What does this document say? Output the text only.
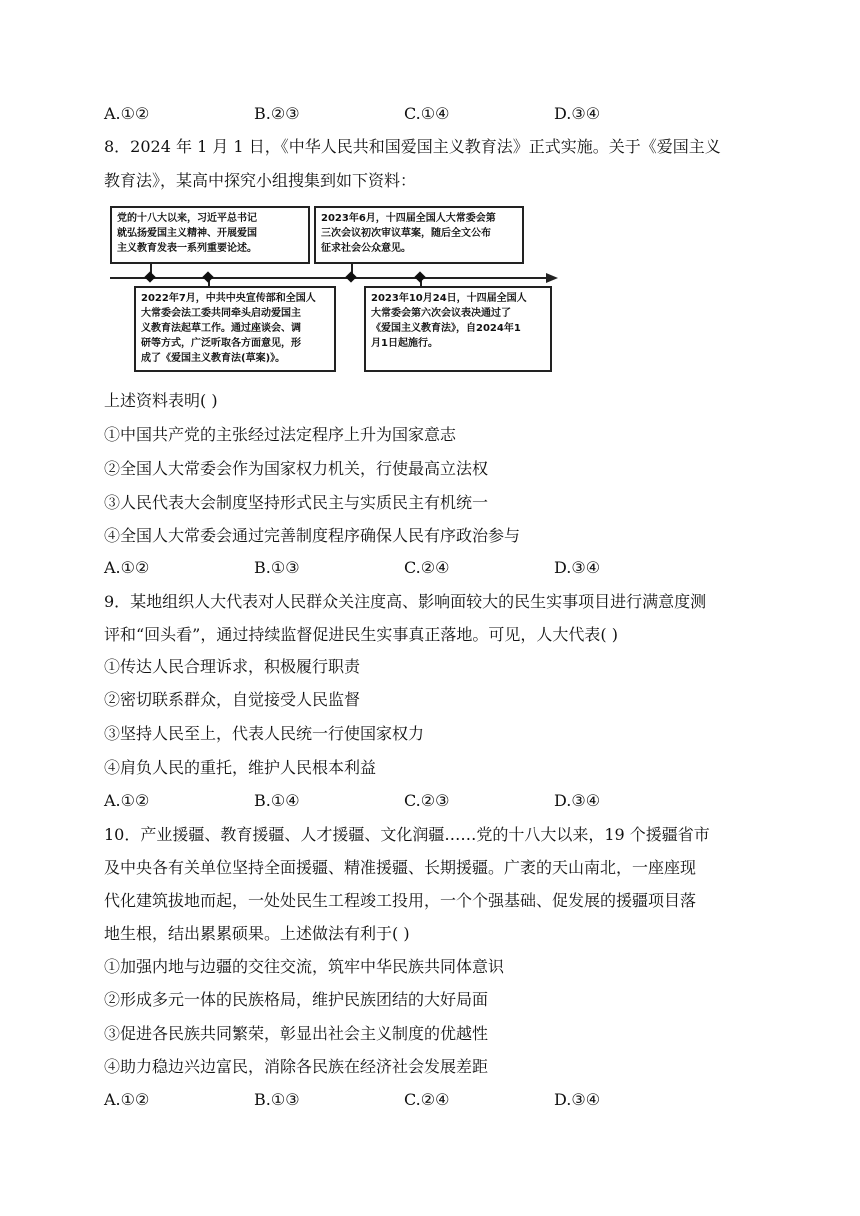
A.①②	B.②③	C.①④	D.③④
8．2024 年 1 月 1 日，《中华人民共和国爱国主义教育法》正式实施。关于《爱国主义
教育法》，某高中探究小组搜集到如下资料：
党的十八大以来，习近平总书记
就弘扬爱国主义精神、开展爱国
主义教育发表一系列重要论述。
2023年6月，十四届全国人大常委会第
三次会议初次审议草案，随后全文公布
征求社会公众意见。
2022年7月，中共中央宣传部和全国人
大常委会法工委共同牵头启动爱国主
义教育法起草工作。通过座谈会、调
研等方式，广泛听取各方面意见，形
成了《爱国主义教育法(草案)》。
2023年10月24日，十四届全国人
大常委会第六次会议表决通过了
《爱国主义教育法》，自2024年1
月1日起施行。
上述资料表明( )
①中国共产党的主张经过法定程序上升为国家意志
②全国人大常委会作为国家权力机关，行使最高立法权
③人民代表大会制度坚持形式民主与实质民主有机统一
④全国人大常委会通过完善制度程序确保人民有序政治参与
A.①②	B.①③	C.②④	D.③④
9．某地组织人大代表对人民群众关注度高、影响面较大的民生实事项目进行满意度测
评和“回头看”，通过持续监督促进民生实事真正落地。可见，人大代表( )
①传达人民合理诉求，积极履行职责
②密切联系群众，自觉接受人民监督
③坚持人民至上，代表人民统一行使国家权力
④肩负人民的重托，维护人民根本利益
A.①②	B.①④	C.②③	D.③④
10．产业援疆、教育援疆、人才援疆、文化润疆……党的十八大以来，19 个援疆省市
及中央各有关单位坚持全面援疆、精准援疆、长期援疆。广袤的天山南北，一座座现
代化建筑拔地而起，一处处民生工程竣工投用，一个个强基础、促发展的援疆项目落
地生根，结出累累硕果。上述做法有利于( )
①加强内地与边疆的交往交流，筑牢中华民族共同体意识
②形成多元一体的民族格局，维护民族团结的大好局面
③促进各民族共同繁荣，彰显出社会主义制度的优越性
④助力稳边兴边富民，消除各民族在经济社会发展差距
A.①②	B.①③	C.②④	D.③④
